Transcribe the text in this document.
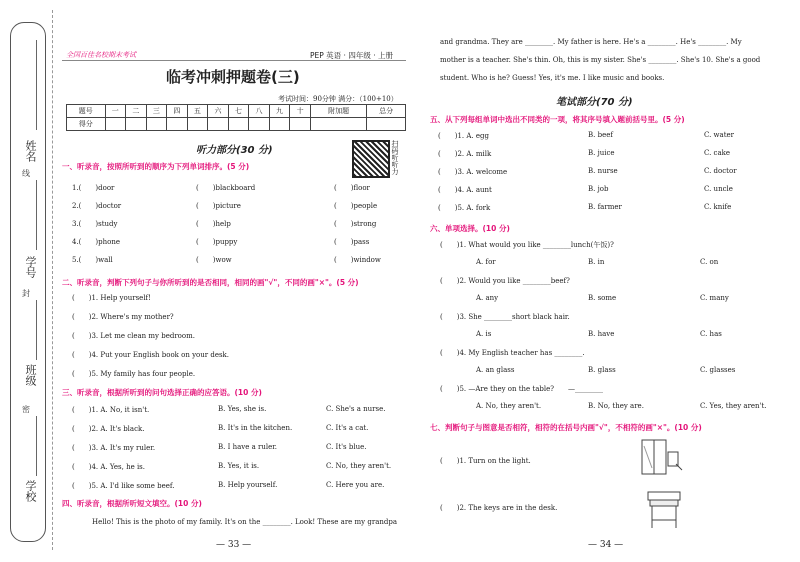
姓名
线
学号
封
班级
密
学校
全国百佳名校期末考试	PEP 英语 · 四年级 · 上册
临考冲刺押题卷(三)
考试时间：90分钟 满分：（100+10）
题号	一	二	三	四	五	六	七	八	九	十	附加题	总分
得分												
听力部分(30 分)	扫码听听力
一、听录音，按照所听到的顺序为下列单词排序。(5 分)
1.(　　)door	(　　)blackboard	(　　)floor
2.(　　)doctor	(　　)picture	(　　)people
3.(　　)study	(　　)help	(　　)strong
4.(　　)phone	(　　)puppy	(　　)pass
5.(　　)wall	(　　)wow	(　　)window
二、听录音，判断下列句子与你所听到的是否相同，相同的画"√"，不同的画"×"。(5 分)
(　　)1. Help yourself!
(　　)2. Where's my mother?
(　　)3. Let me clean my bedroom.
(　　)4. Put your English book on your desk.
(　　)5. My family has four people.
三、听录音，根据所听到的问句选择正确的应答语。(10 分)
(　　)1. A. No, it isn't.	B. Yes, she is.	C. She's a nurse.
(　　)2. A. It's black.	B. It's in the kitchen.	C. It's a cat.
(　　)3. A. It's my ruler.	B. I have a ruler.	C. It's blue.
(　　)4. A. Yes, he is.	B. Yes, it is.	C. No, they aren't.
(　　)5. A. I'd like some beef.	B. Help yourself.	C. Here you are.
四、听录音，根据所听短文填空。(10 分)
Hello! This is the photo of my family. It's on the ________. Look! These are my grandpa
— 33 —
and grandma. They are ________. My father is here. He's a ________. He's ________. My
mother is a teacher. She's thin. Oh, this is my sister. She's ________. She's 10. She's a good
student. Who is he? Guess! Yes, it's me. I like music and books.
笔试部分(70 分)
五、从下列每组单词中选出不同类的一项，将其序号填入题前括号里。(5 分)
(　　)1. A. egg	B. beef	C. water
(　　)2. A. milk	B. juice	C. cake
(　　)3. A. welcome	B. nurse	C. doctor
(　　)4. A. aunt	B. job	C. uncle
(　　)5. A. fork	B. farmer	C. knife
六、单项选择。(10 分)
(　　)1. What would you like ________lunch(午饭)?
A. for	B. in	C. on
(　　)2. Would you like ________beef?
A. any	B. some	C. many
(　　)3. She ________short black hair.
A. is	B. have	C. has
(　　)4. My English teacher has ________.
A. an glass	B. glass	C. glasses
(　　)5. —Are they on the table?　　—________
A. No, they aren't.	B. No, they are.	C. Yes, they aren't.
七、判断句子与图意是否相符，相符的在括号内画"√"，不相符的画"×"。(10 分)
(　　)1. Turn on the light.
(　　)2. The keys are in the desk.
— 34 —
